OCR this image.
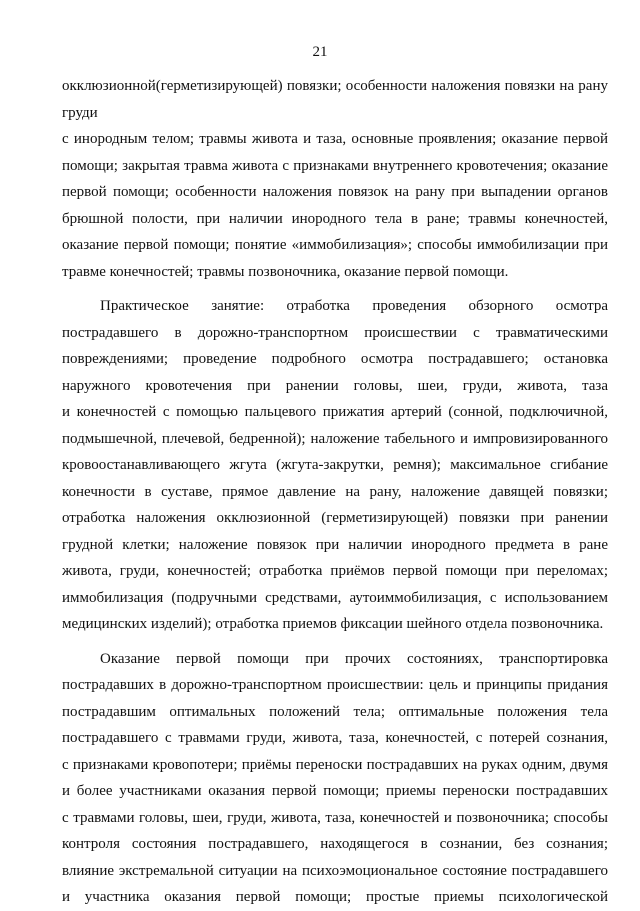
21
окклюзионной(герметизирующей) повязки; особенности наложения повязки на рану
груди
с инородным телом; травмы живота и таза, основные проявления; оказание первой
помощи; закрытая травма живота с признаками внутреннего кровотечения; оказание
первой помощи; особенности наложения повязок на рану при выпадении органов
брюшной полости, при наличии инородного тела в ране; травмы конечностей,
оказание первой помощи; понятие «иммобилизация»; способы иммобилизации при
травме конечностей; травмы позвоночника, оказание первой помощи.
Практическое занятие: отработка проведения обзорного осмотра
пострадавшего в дорожно-транспортном происшествии с травматическими
повреждениями; проведение подробного осмотра пострадавшего; остановка
наружного кровотечения при ранении головы, шеи, груди, живота, таза
и конечностей с помощью пальцевого прижатия артерий (сонной, подключичной,
подмышечной, плечевой, бедренной); наложение табельного и импровизированного
кровоостанавливающего жгута (жгута-закрутки, ремня); максимальное сгибание
конечности в суставе, прямое давление на рану, наложение давящей повязки;
отработка наложения окклюзионной (герметизирующей) повязки при ранении
грудной клетки; наложение повязок при наличии инородного предмета в ране
живота, груди, конечностей; отработка приёмов первой помощи при переломах;
иммобилизация (подручными средствами, аутоиммобилизация, с использованием
медицинских изделий); отработка приемов фиксации шейного отдела позвоночника.
Оказание первой помощи при прочих состояниях, транспортировка
пострадавших в дорожно-транспортном происшествии: цель и принципы придания
пострадавшим оптимальных положений тела; оптимальные положения тела
пострадавшего с травмами груди, живота, таза, конечностей, с потерей сознания,
с признаками кровопотери; приёмы переноски пострадавших на руках одним, двумя
и более участниками оказания первой помощи; приемы переноски пострадавших
с травмами головы, шеи, груди, живота, таза, конечностей и позвоночника; способы
контроля состояния пострадавшего, находящегося в сознании, без сознания;
влияние экстремальной ситуации на психоэмоциональное состояние пострадавшего
и участника оказания первой помощи; простые приемы психологической
